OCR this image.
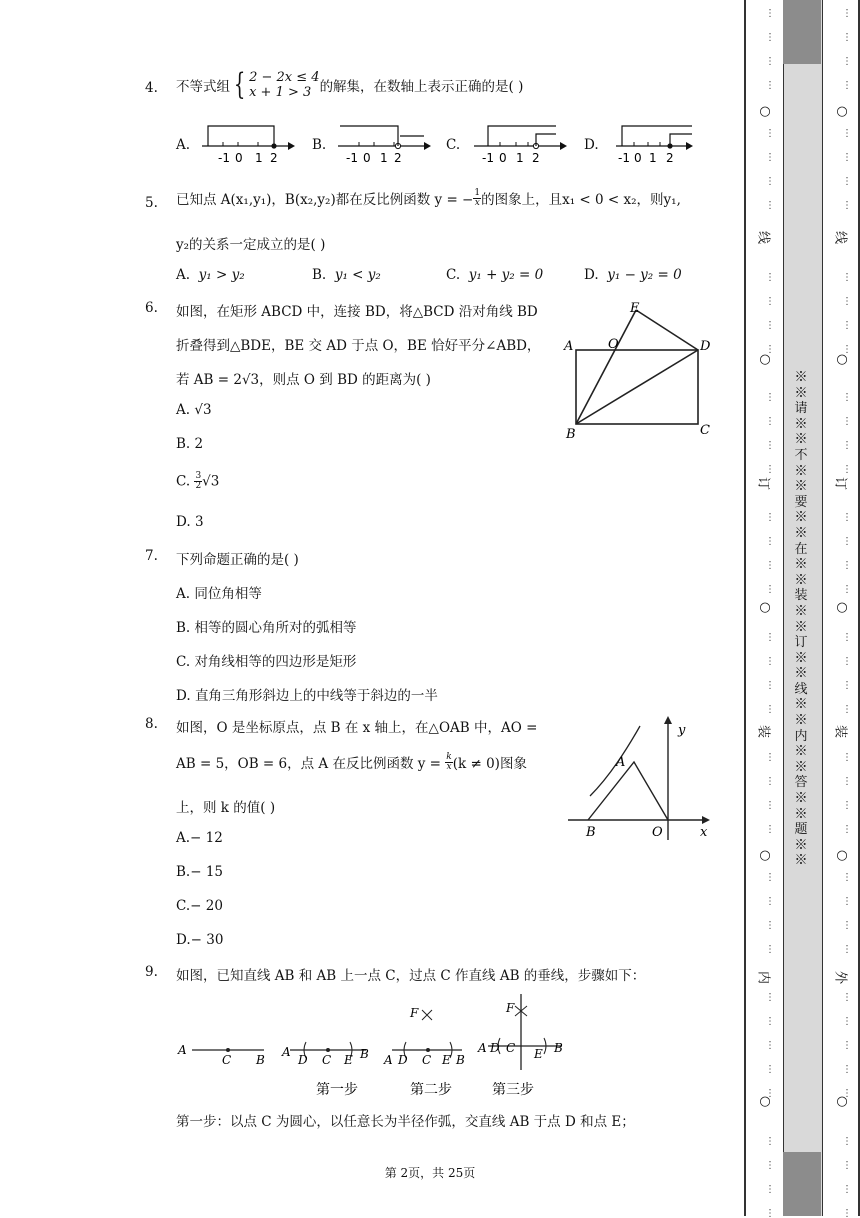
4. 不等式组 { 2 − 2x ≤ 4
x + 1 > 3 的解集，在数轴上表示正确的是( )
A.	B.	C.	D.
-1 0 1 2	-1 0 1 2	-1 0 1 2	-1 0 1 2
5. 已知点 A(x₁,y₁)，B(x₂,y₂)都在反比例函数 y = − $\frac{1}{x}$ 的图象上，且x₁ < 0 < x₂，则y₁,
y₂的关系一定成立的是( )
A. y₁ > y₂	B. y₁ < y₂	C. y₁ + y₂ = 0	D. y₁ − y₂ = 0
6. 如图，在矩形 ABCD 中，连接 BD，将△BCD 沿对角线 BD
折叠得到△BDE，BE 交 AD 于点 O，BE 恰好平分∠ABD，
若 AB = 2√3，则点 O 到 BD 的距离为( )
A. √3
B. 2
C. $\frac{3}{2} √3$
D. 3
A
B	C
D
E
O
7. 下列命题正确的是( )
A. 同位角相等
B. 相等的圆心角所对的弧相等
C. 对角线相等的四边形是矩形
D. 直角三角形斜边上的中线等于斜边的一半
8. 如图，O 是坐标原点，点 B 在 x 轴上，在△OAB 中，AO =
AB = 5，OB = 6，点 A 在反比例函数 $y = \frac{k}{x} (k \ne 0)$图象
上，则 k 的值( )
A.− 12
B.− 15
C.− 20
D.− 30
y
x
A
B	O
9. 如图，已知直线 AB 和 AB 上一点 C，过点 C 作直线 AB 的垂线，步骤如下：
A
C B
A
D C E B
F
A D C E B
F
A D C E B
第一步	第二步	第三步
第一步：以点 C 为圆心，以任意长为半径作弧，交直线 AB 于点 D 和点 E；
第 2页，共 25页
※※请※※不※※要※※在※※装※※订※※线※※内※※答※※题※※
⋯
⋯
⋯
⋯
⋯
⋯
⋯
⋯
⋯
⋯
⋯
⋯
⋯
⋯
⋯
⋯
⋯
⋯
⋯
⋯
⋯
⋯
⋯
⋯
⋯
⋯
⋯
⋯
⋯
⋯
⋯
⋯
⋯
⋯
⋯
⋯
⋯
⋯
⋯
⋯
⋯
○
○
○
○
○
线
订
装
内
⋯
⋯
⋯
⋯
⋯
⋯
⋯
⋯
⋯
⋯
⋯
⋯
⋯
⋯
⋯
⋯
⋯
⋯
⋯
⋯
⋯
⋯
⋯
⋯
⋯
⋯
⋯
⋯
⋯
⋯
⋯
⋯
⋯
⋯
⋯
⋯
⋯
⋯
⋯
⋯
⋯
○
○
○
○
○
线
订
装
外
